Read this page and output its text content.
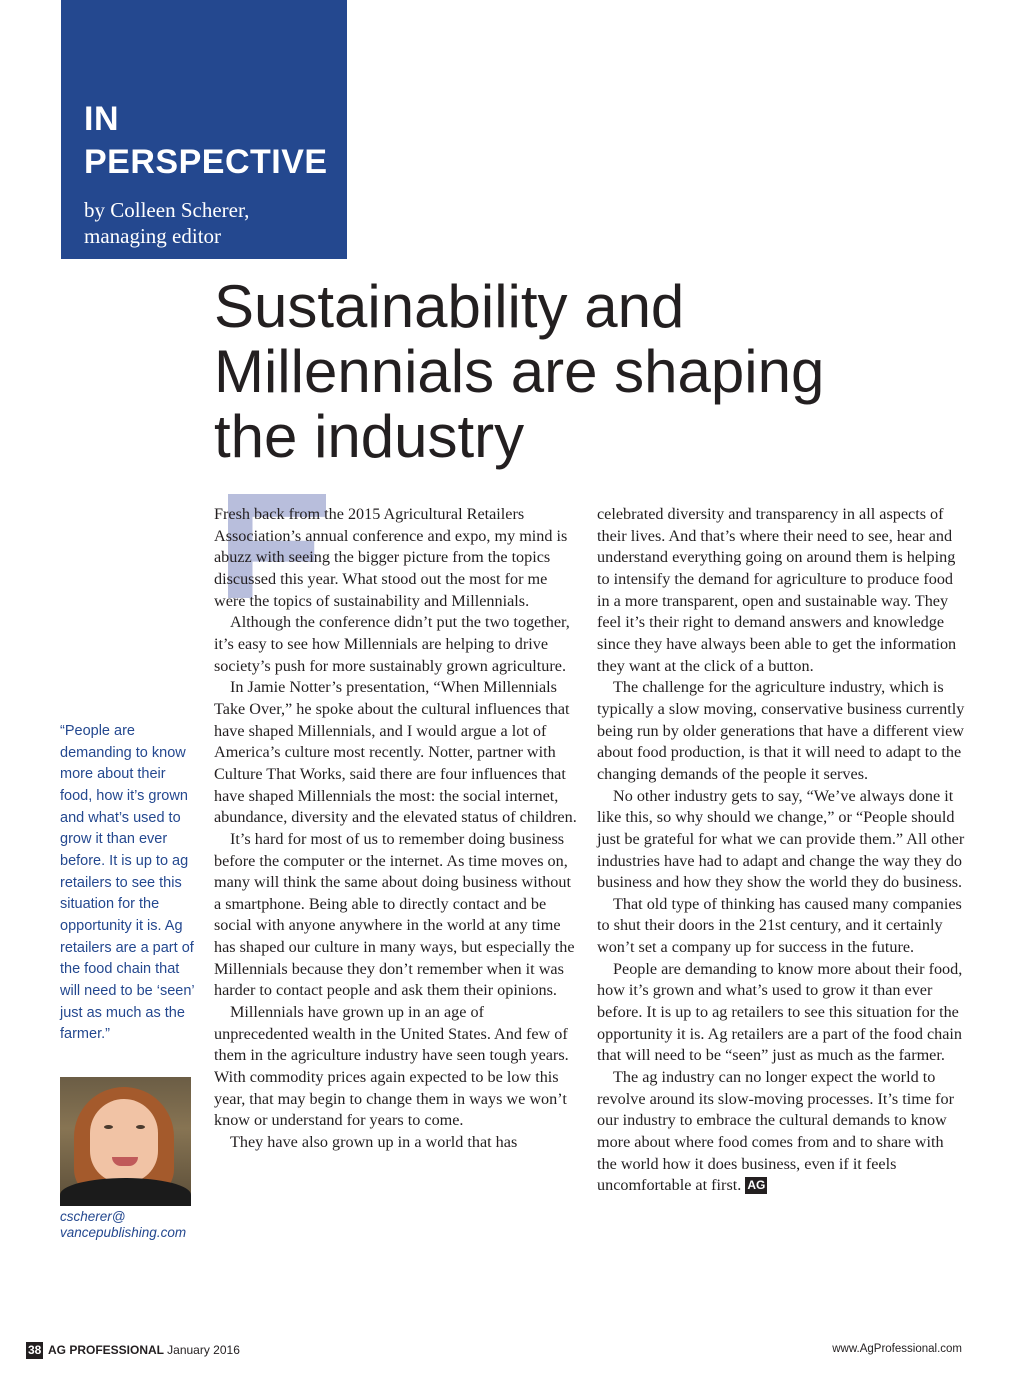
IN
PERSPECTIVE
by Colleen Scherer,
managing editor
Sustainability and
Millennials are shaping
the industry

Fresh back from the 2015 Agricultural Retailers Association’s annual conference and expo, my mind is abuzz with seeing the bigger picture from the topics discussed this year. What stood out the most for me were the topics of sustainability and Millennials.

Although the conference didn’t put the two together, it’s easy to see how Millennials are helping to drive society’s push for more sustainably grown agriculture.

In Jamie Notter’s presentation, “When Millennials Take Over,” he spoke about the cultural influences that have shaped Millennials, and I would argue a lot of America’s culture most recently. Notter, partner with Culture That Works, said there are four influences that have shaped Millennials the most: the social internet, abundance, diversity and the elevated status of children.

It’s hard for most of us to remember doing business before the computer or the internet. As time moves on, many will think the same about doing business without a smartphone. Being able to directly contact and be social with anyone anywhere in the world at any time has shaped our culture in many ways, but especially the Millennials because they don’t remember when it was harder to contact people and ask them their opinions.

Millennials have grown up in an age of unprecedented wealth in the United States. And few of them in the agriculture industry have seen tough years. With commodity prices again expected to be low this year, that may begin to change them in ways we won’t know or understand for years to come.

They have also grown up in a world that has

celebrated diversity and transparency in all aspects of their lives. And that’s where their need to see, hear and understand everything going on around them is helping to intensify the demand for agriculture to produce food in a more transparent, open and sustainable way. They feel it’s their right to demand answers and knowledge since they have always been able to get the information they want at the click of a button.

The challenge for the agriculture industry, which is typically a slow moving, conservative business currently being run by older generations that have a different view about food production, is that it will need to adapt to the changing demands of the people it serves.

No other industry gets to say, “We’ve always done it like this, so why should we change,” or “People should just be grateful for what we can provide them.” All other industries have had to adapt and change the way they do business and how they show the world they do business.

That old type of thinking has caused many companies to shut their doors in the 21st century, and it certainly won’t set a company up for success in the future.

People are demanding to know more about their food, how it’s grown and what’s used to grow it than ever before. It is up to ag retailers to see this situation for the opportunity it is. Ag retailers are a part of the food chain that will need to be “seen” just as much as the farmer.

The ag industry can no longer expect the world to revolve around its slow-moving processes. It’s time for our industry to embrace the cultural demands to know more about where food comes from and to share with the world how it does business, even if it feels uncomfortable at first. AG

“People are demanding to know more about their food, how it’s grown and what’s used to grow it than ever before. It is up to ag retailers to see this situation for the opportunity it is. Ag retailers are a part of the food chain that will need to be ‘seen’ just as much as the farmer.”
cscherer@
vancepublishing.com
38 AG PROFESSIONAL January 2016	www.AgProfessional.com
